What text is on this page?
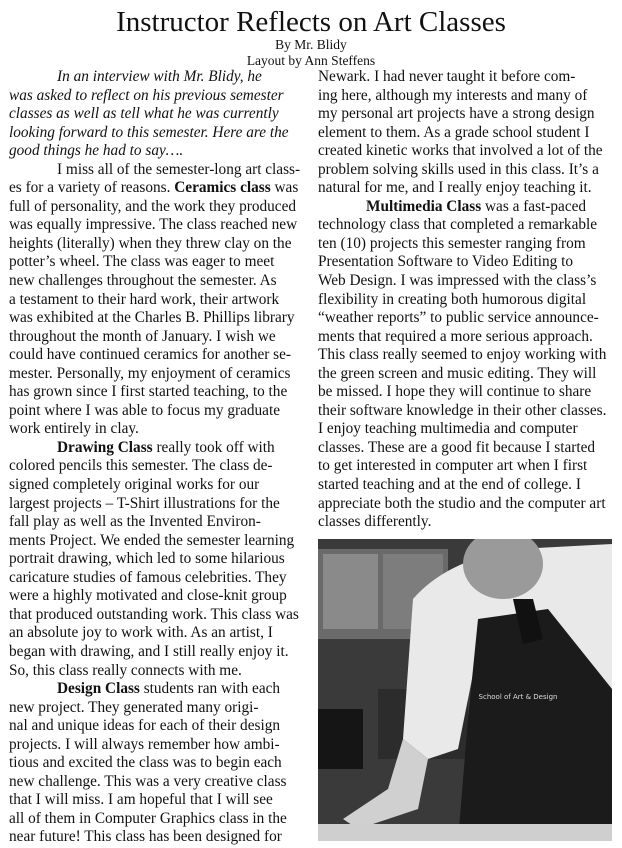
Instructor Reflects on Art Classes
By Mr. Blidy
Layout by Ann Steffens
In an interview with Mr. Blidy, he
was asked to reflect on his previous semester
classes as well as tell what he was currently
looking forward to this semester. Here are the
good things he had to say….
I miss all of the semester-long art class-
es for a variety of reasons. Ceramics class was
full of personality, and the work they produced
was equally impressive. The class reached new
heights (literally) when they threw clay on the
potter’s wheel. The class was eager to meet
new challenges throughout the semester. As
a testament to their hard work, their artwork
was exhibited at the Charles B. Phillips library
throughout the month of January. I wish we
could have continued ceramics for another se-
mester. Personally, my enjoyment of ceramics
has grown since I first started teaching, to the
point where I was able to focus my graduate
work entirely in clay.
Drawing Class really took off with
colored pencils this semester. The class de-
signed completely original works for our
largest projects – T-Shirt illustrations for the
fall play as well as the Invented Environ-
ments Project. We ended the semester learning
portrait drawing, which led to some hilarious
caricature studies of famous celebrities. They
were a highly motivated and close-knit group
that produced outstanding work. This class was
an absolute joy to work with. As an artist, I
began with drawing, and I still really enjoy it.
So, this class really connects with me.
Design Class students ran with each
new project. They generated many origi-
nal and unique ideas for each of their design
projects. I will always remember how ambi-
tious and excited the class was to begin each
new challenge. This was a very creative class
that I will miss. I am hopeful that I will see
all of them in Computer Graphics class in the
near future! This class has been designed for
Newark. I had never taught it before com-
ing here, although my interests and many of
my personal art projects have a strong design
element to them. As a grade school student I
created kinetic works that involved a lot of the
problem solving skills used in this class. It’s a
natural for me, and I really enjoy teaching it.
Multimedia Class was a fast-paced
technology class that completed a remarkable
ten (10) projects this semester ranging from
Presentation Software to Video Editing to
Web Design. I was impressed with the class’s
flexibility in creating both humorous digital
“weather reports” to public service announce-
ments that required a more serious approach.
This class really seemed to enjoy working with
the green screen and music editing. They will
be missed. I hope they will continue to share
their software knowledge in their other classes.
I enjoy teaching multimedia and computer
classes. These are a good fit because I started
to get interested in computer art when I first
started teaching and at the end of college. I
appreciate both the studio and the computer art
classes differently.
School of Art & Design
